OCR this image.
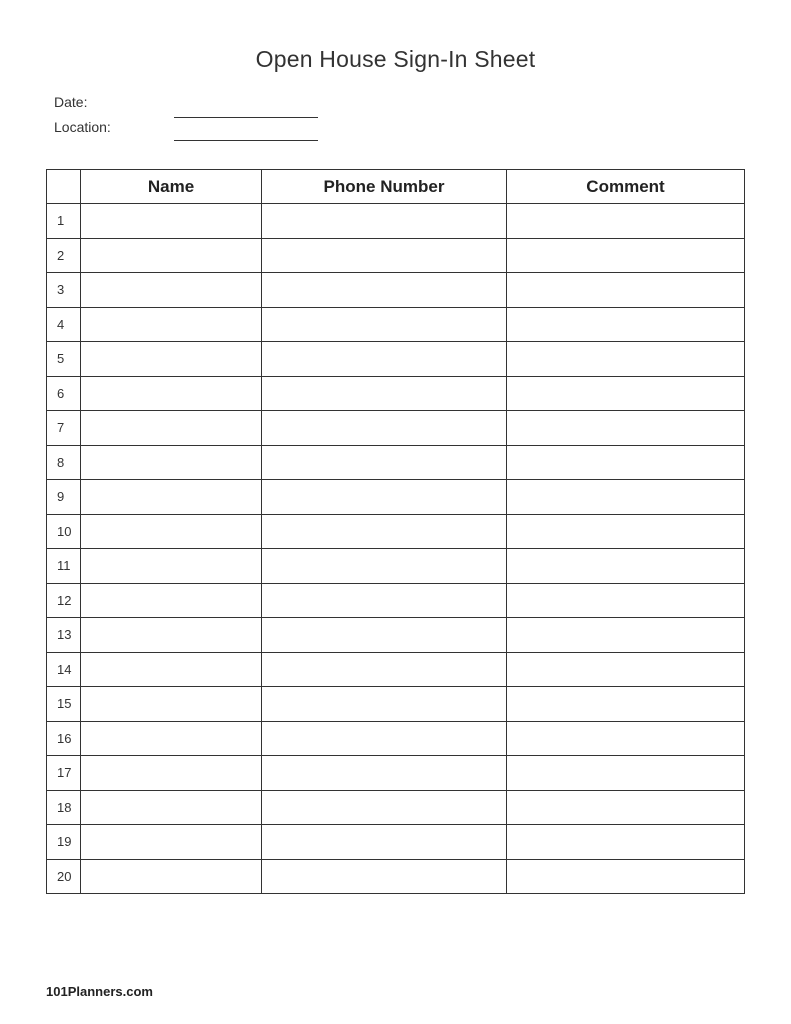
Open House Sign-In Sheet
Date:
Location:
	Name	Phone Number	Comment
1			
2			
3			
4			
5			
6			
7			
8			
9			
10			
11			
12			
13			
14			
15			
16			
17			
18			
19			
20			
101Planners.com
